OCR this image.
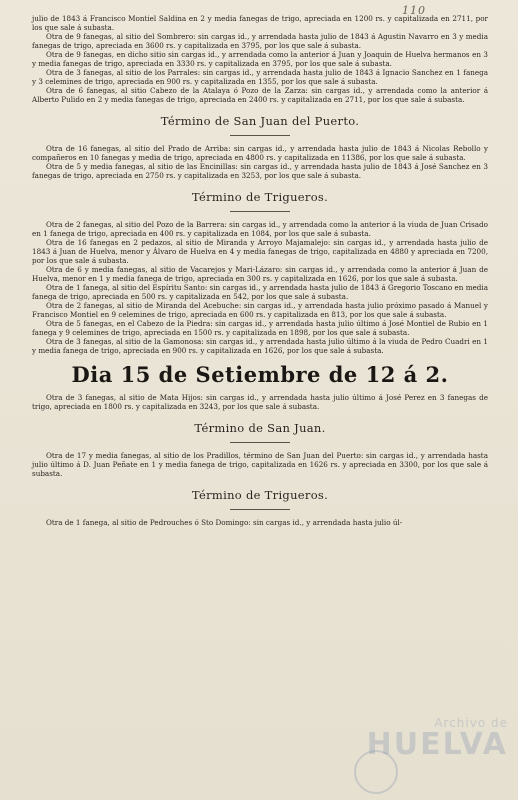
110

julio de 1843 á Francisco Montiel Saldina en 2 y media fanegas de trigo, apreciada en 1200 rs. y capitalizada en 2711, por los que sale á subasta.

Otra de 9 fanegas, al sitio del Sombrero: sin cargas id., y arrendada hasta julio de 1843 á Agustin Navarro en 3 y media fanegas de trigo, apreciada en 3600 rs. y capitalizada en 3795, por los que sale á subasta.

Otra de 9 fanegas, en dicho sitio sin cargas id., y arrendada como la anterior á Juan y Joaquin de Huelva hermanos en 3 y media fanegas de trigo, apreciada en 3330 rs. y capitalizada en 3795, por los que sale á subasta.

Otra de 3 fanegas, al sitio de los Parrales: sin cargas id., y arrendada hasta julio de 1843 á Ignacio Sanchez en 1 fanega y 3 celemines de trigo, apreciada en 900 rs. y capitalizada en 1355, por los que sale á subasta.

Otra de 6 fanegas, al sitio Cabezo de la Atalaya ó Pozo de la Zarza: sin cargas id., y arrendada como la anterior á Alberto Pulido en 2 y media fanegas de trigo, apreciada en 2400 rs. y capitalizada en 2711, por los que sale á subasta.

Término de San Juan del Puerto.

Otra de 16 fanegas, al sitio del Prado de Arriba: sin cargas id., y arrendada hasta julio de 1843 á Nicolas Rebollo y compañeros en 10 fanegas y media de trigo, apreciada en 4800 rs. y capitalizada en 11386, por los que sale á subasta.

Otra de 5 y media fanegas, al sitio de las Encinillas: sin cargas id., y arrendada hasta julio de 1843 á José Sanchez en 3 fanegas de trigo, apreciada en 2750 rs. y capitalizada en 3253, por los que sale á subasta.

Término de Trigueros.

Otra de 2 fanegas, al sitio del Pozo de la Barrera: sin cargas id., y arrendada como la anterior á la viuda de Juan Crisado en 1 fanega de trigo, apreciada en 400 rs. y capitalizada en 1084, por los que sale á subasta.

Otra de 16 fanegas en 2 pedazos, al sitio de Miranda y Arroyo Majamalejo: sin cargas id., y arrendada hasta julio de 1843 á Juan de Huelva, menor y Álvaro de Huelva en 4 y media fanegas de trigo, capitalizada en 4880 y apreciada en 7200, por los que sale á subasta.

Otra de 6 y media fanegas, al sitio de Vacarejos y Mari-Lázaro: sin cargas id., y arrendada como la anterior á Juan de Huelva, menor en 1 y media fanega de trigo, apreciada en 300 rs. y capitalizada en 1626, por los que sale á subasta.

Otra de 1 fanega, al sitio del Espíritu Santo: sin cargas id., y arrendada hasta julio de 1843 á Gregorio Toscano en media fanega de trigo, apreciada en 500 rs. y capitalizada en 542, por los que sale á subasta.

Otra de 2 fanegas, al sitio de Miranda del Acebuche: sin cargas id., y arrendada hasta julio próximo pasado á Manuel y Francisco Montiel en 9 celemines de trigo, apreciada en 600 rs. y capitalizada en 813, por los que sale á subasta.

Otra de 5 fanegas, en el Cabezo de la Piedra: sin cargas id., y arrendada hasta julio último á José Montiel de Rubio en 1 fanega y 9 celemines de trigo, apreciada en 1500 rs. y capitalizada en 1898, por los que sale á subasta.

Otra de 3 fanegas, al sitio de la Gamonosa: sin cargas id., y arrendada hasta julio último á la viuda de Pedro Cuadri en 1 y media fanega de trigo, apreciada en 900 rs. y capitalizada en 1626, por los que sale á subasta.

Dia 15 de Setiembre de 12 á 2.

Otra de 3 fanegas, al sitio de Mata Hijos: sin cargas id., y arrendada hasta julio último á José Perez en 3 fanegas de trigo, apreciada en 1800 rs. y capitalizada en 3243, por los que sale á subasta.

Término de San Juan.

Otra de 17 y media fanegas, al sitio de los Pradillos, término de San Juan del Puerto: sin cargas id., y arrendada hasta julio último á D. Juan Peñate en 1 y media fanega de trigo, capitalizada en 1626 rs. y apreciada en 3300, por los que sale á subasta.

Término de Trigueros.

Otra de 1 fanega, al sitio de Pedrouches ó Sto Domingo: sin cargas id., y arrendada hasta julio úl-

Archivo de
HUELVA
